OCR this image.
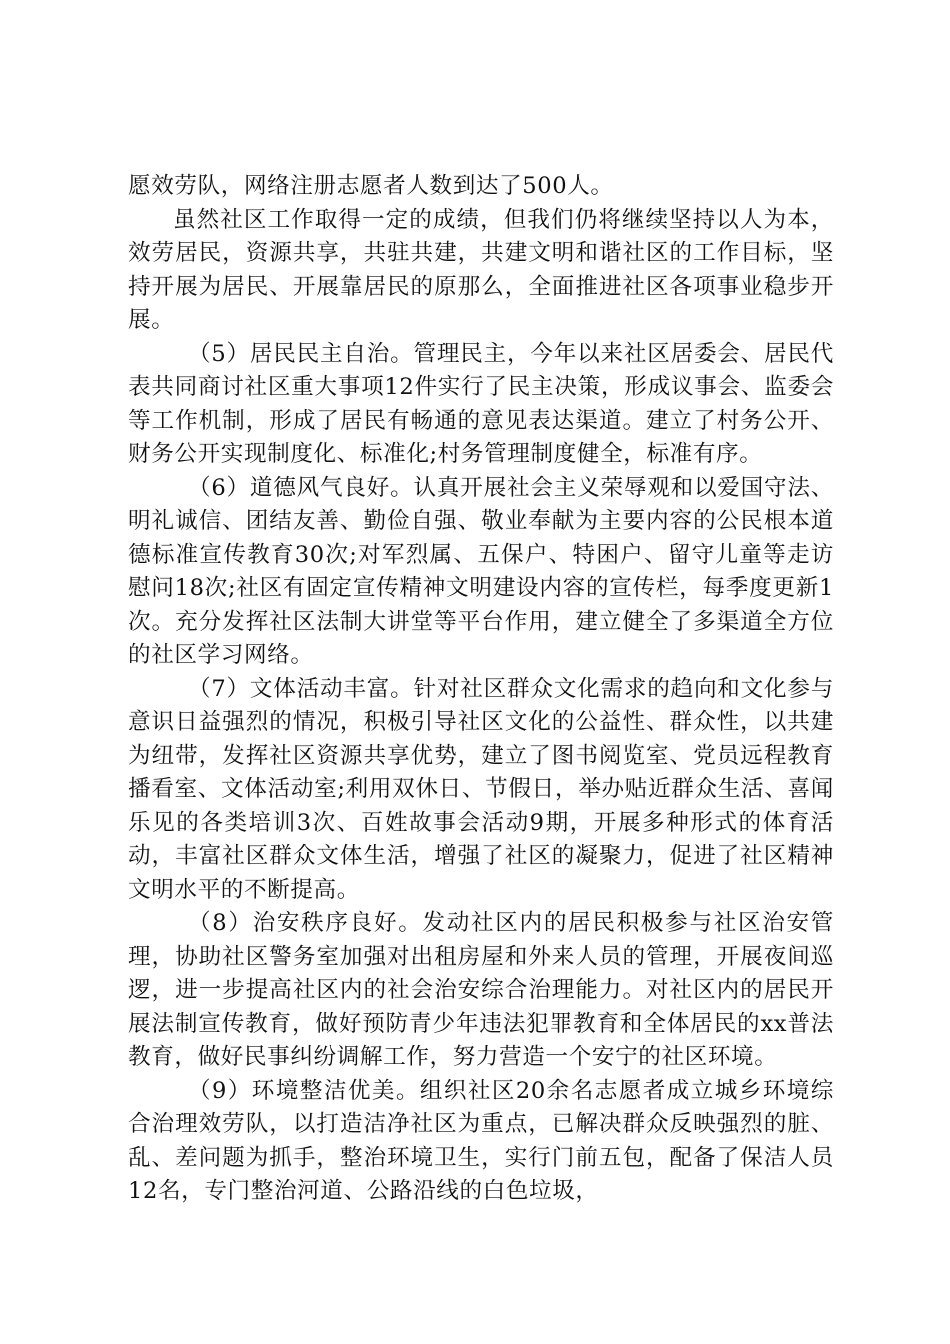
愿效劳队，网络注册志愿者人数到达了500人。

虽然社区工作取得一定的成绩，但我们仍将继续坚持以人为本，效劳居民，资源共享，共驻共建，共建文明和谐社区的工作目标，坚持开展为居民、开展靠居民的原那么，全面推进社区各项事业稳步开展。

（5）居民民主自治。管理民主，今年以来社区居委会、居民代表共同商讨社区重大事项12件实行了民主决策，形成议事会、监委会等工作机制，形成了居民有畅通的意见表达渠道。建立了村务公开、财务公开实现制度化、标准化;村务管理制度健全，标准有序。

（6）道德风气良好。认真开展社会主义荣辱观和以爱国守法、明礼诚信、团结友善、勤俭自强、敬业奉献为主要内容的公民根本道德标准宣传教育30次;对军烈属、五保户、特困户、留守儿童等走访慰问18次;社区有固定宣传精神文明建设内容的宣传栏，每季度更新1次。充分发挥社区法制大讲堂等平台作用，建立健全了多渠道全方位的社区学习网络。

（7）文体活动丰富。针对社区群众文化需求的趋向和文化参与意识日益强烈的情况，积极引导社区文化的公益性、群众性，以共建为纽带，发挥社区资源共享优势，建立了图书阅览室、党员远程教育播看室、文体活动室;利用双休日、节假日，举办贴近群众生活、喜闻乐见的各类培训3次、百姓故事会活动9期，开展多种形式的体育活动，丰富社区群众文体生活，增强了社区的凝聚力，促进了社区精神文明水平的不断提高。

（8）治安秩序良好。发动社区内的居民积极参与社区治安管理，协助社区警务室加强对出租房屋和外来人员的管理，开展夜间巡逻，进一步提高社区内的社会治安综合治理能力。对社区内的居民开展法制宣传教育，做好预防青少年违法犯罪教育和全体居民的xx普法教育，做好民事纠纷调解工作，努力营造一个安宁的社区环境。

（9）环境整洁优美。组织社区20余名志愿者成立城乡环境综合治理效劳队，以打造洁净社区为重点，已解决群众反映强烈的脏、乱、差问题为抓手，整治环境卫生，实行门前五包，配备了保洁人员12名，专门整治河道、公路沿线的白色垃圾，
